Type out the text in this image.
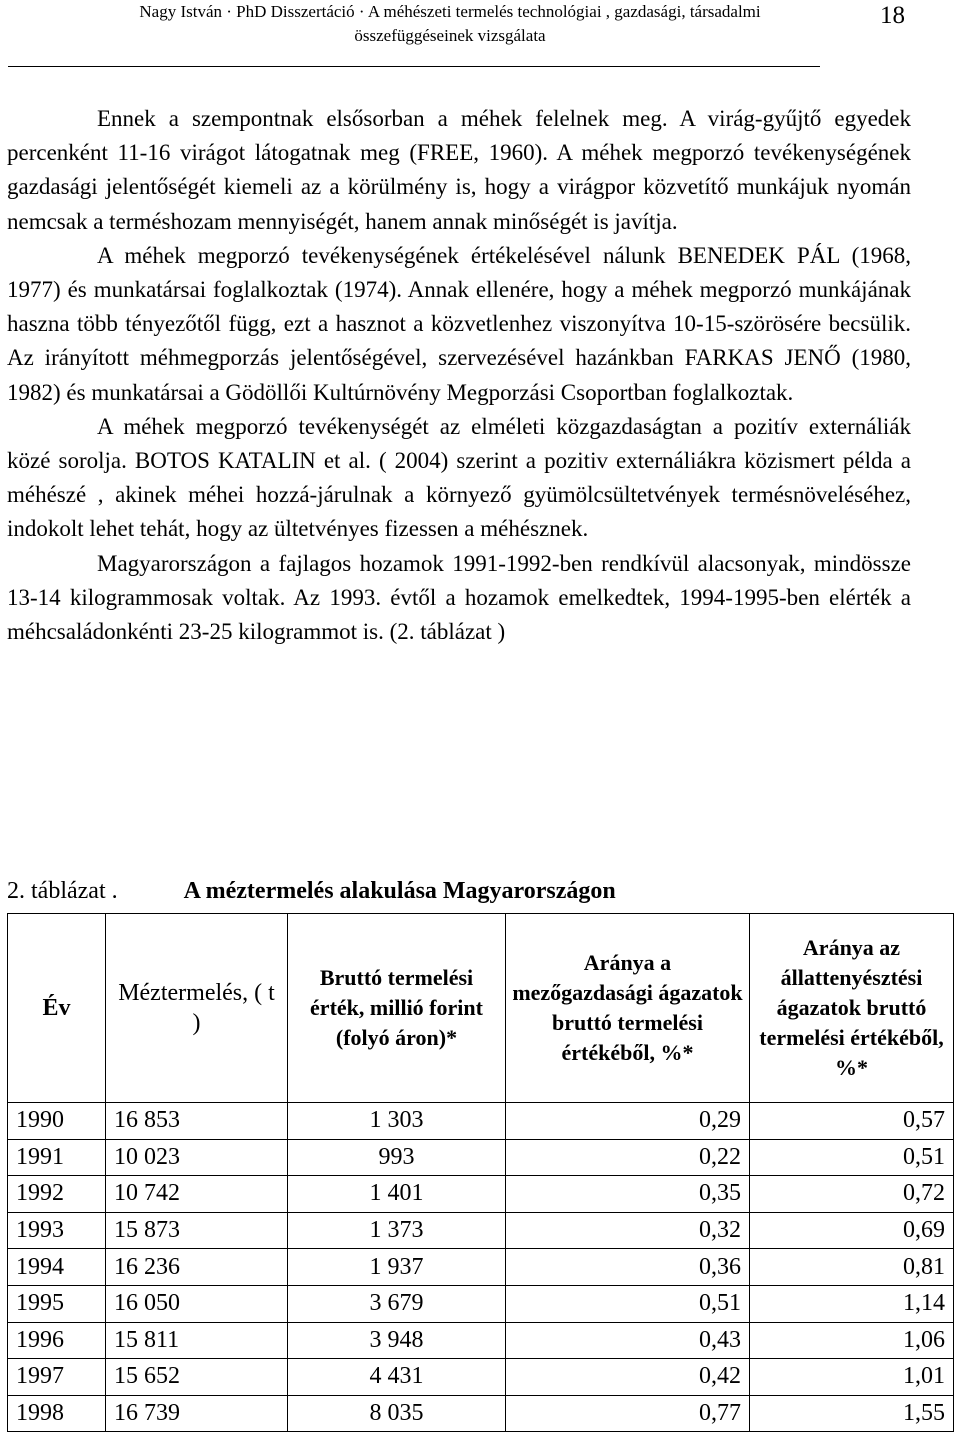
Nagy István · PhD Disszertáció · A méhészeti termelés technológiai , gazdasági, társadalmi
összefüggéseinek vizsgálata
18

Ennek a szempontnak elsősorban a méhek felelnek meg. A virág-gyűjtő egyedek percenként 11-16 virágot látogatnak meg (FREE, 1960). A méhek megporzó tevékenységének gazdasági jelentőségét kiemeli az a körülmény is, hogy a virágpor közvetítő munkájuk nyomán nemcsak a terméshozam mennyiségét, hanem annak minőségét is javítja.

A méhek megporzó tevékenységének értékelésével nálunk BENEDEK PÁL (1968, 1977) és munkatársai foglalkoztak (1974). Annak ellenére, hogy a méhek megporzó munkájának haszna több tényezőtől függ, ezt a hasznot a közvetlenhez viszonyítva 10-15-szörösére becsülik. Az irányított méhmegporzás jelentőségével, szervezésével hazánkban FARKAS JENŐ (1980, 1982) és munkatársai a Gödöllői Kultúrnövény Megporzási Csoportban foglalkoztak.

A méhek megporzó tevékenységét az elméleti közgazdaságtan a pozitív externáliák közé sorolja. BOTOS KATALIN et al. ( 2004) szerint a pozitiv externáliákra közismert példa a méhészé , akinek méhei hozzá-járulnak a környező gyümölcsültetvények termésnöveléséhez, indokolt lehet tehát, hogy az ültetvényes fizessen a méhésznek.

Magyarországon a fajlagos hozamok 1991-1992-ben rendkívül alacsonyak, mindössze 13-14 kilogrammosak voltak. Az 1993. évtől a hozamok emelkedtek, 1994-1995-ben elérték a méhcsaládonkénti 23-25 kilogrammot is. (2. táblázat )

2. táblázat .	A méztermelés alakulása Magyarországon
Év	Méztermelés, ( t )	Bruttó termelési érték, millió forint (folyó áron)*	Aránya a mezőgazdasági ágazatok bruttó termelési értékéből, %*	Aránya az állattenyésztési ágazatok bruttó termelési értékéből, %*
1990	16 853	1 303	0,29	0,57
1991	10 023	993	0,22	0,51
1992	10 742	1 401	0,35	0,72
1993	15 873	1 373	0,32	0,69
1994	16 236	1 937	0,36	0,81
1995	16 050	3 679	0,51	1,14
1996	15 811	3 948	0,43	1,06
1997	15 652	4 431	0,42	1,01
1998	16 739	8 035	0,77	1,55
